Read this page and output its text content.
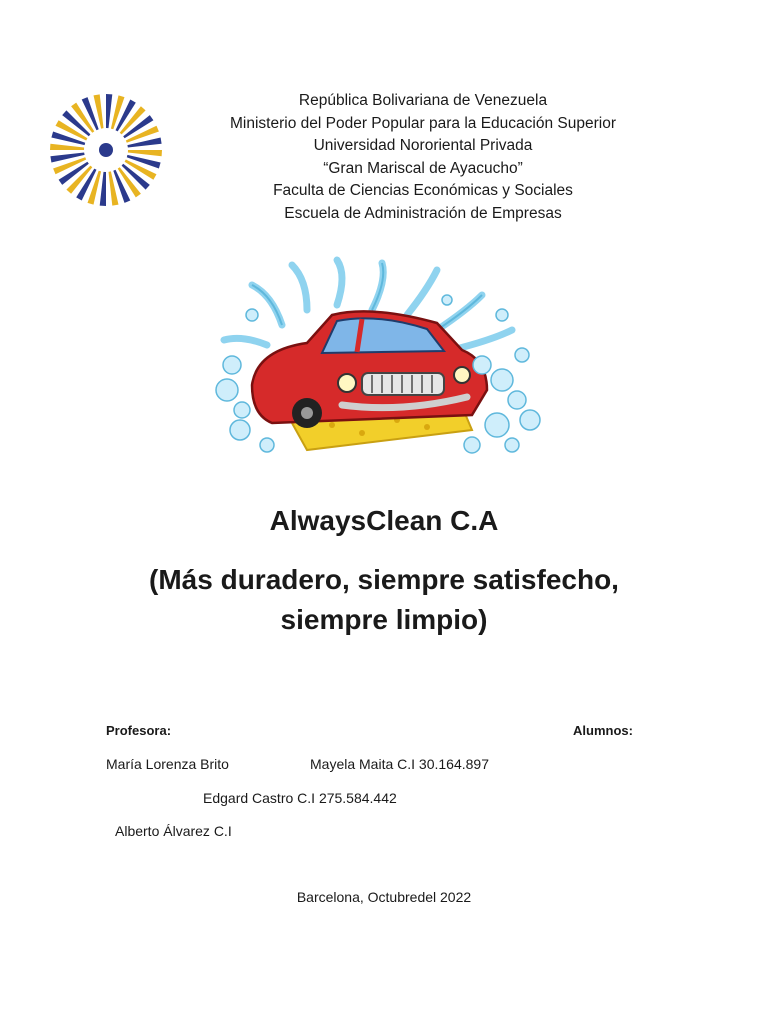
República Bolivariana de Venezuela
Ministerio del Poder Popular para la Educación Superior
Universidad Nororiental Privada
“Gran Mariscal de Ayacucho”
Faculta de Ciencias Económicas y Sociales
Escuela de Administración de Empresas
AlwaysClean C.A
(Más duradero, siempre satisfecho,
siempre limpio)
Profesora:	Alumnos:
María Lorenza Brito	Mayela Maita C.I 30.164.897
Edgard Castro C.I 275.584.442
Alberto Álvarez C.I
Barcelona, Octubredel 2022
